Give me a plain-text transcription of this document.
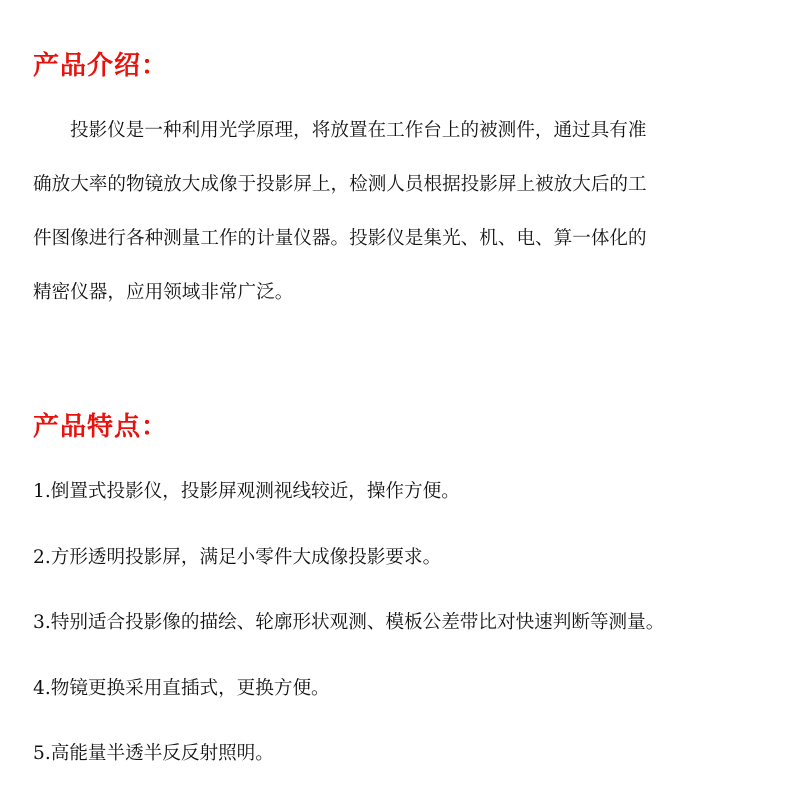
产品介绍：
投影仪是一种利用光学原理，将放置在工作台上的被测件，通过具有准
确放大率的物镜放大成像于投影屏上，检测人员根据投影屏上被放大后的工
件图像进行各种测量工作的计量仪器。投影仪是集光、机、电、算一体化的
精密仪器，应用领域非常广泛。
产品特点：
1.倒置式投影仪，投影屏观测视线较近，操作方便。
2.方形透明投影屏，满足小零件大成像投影要求。
3.特别适合投影像的描绘、轮廓形状观测、模板公差带比对快速判断等测量。
4.物镜更换采用直插式，更换方便。
5.高能量半透半反反射照明。
